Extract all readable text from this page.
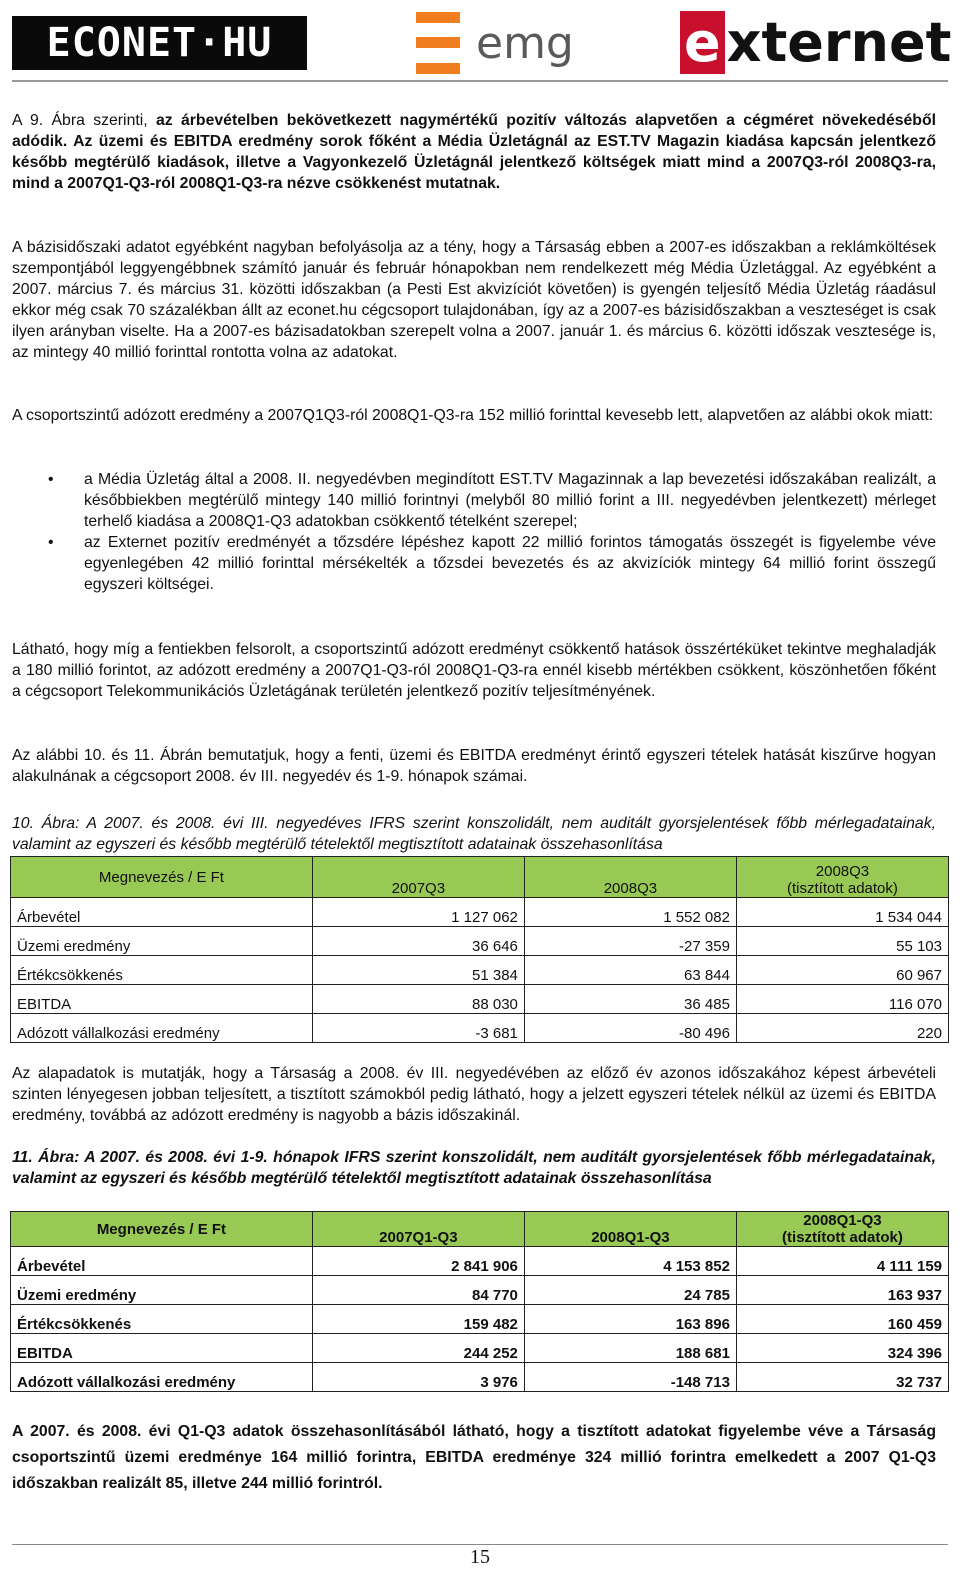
ECONET·HU	emg e xternet

A 9. Ábra szerinti, az árbevételben bekövetkezett nagymértékű pozitív változás alapvetően a cégméret növekedéséből adódik. Az üzemi és EBITDA eredmény sorok főként a Média Üzletágnál az EST.TV Magazin kiadása kapcsán jelentkező később megtérülő kiadások, illetve a Vagyonkezelő Üzletágnál jelentkező költségek miatt mind a 2007Q3-ról 2008Q3-ra, mind a 2007Q1-Q3-ról 2008Q1-Q3-ra nézve csökkenést mutatnak.

A bázisidőszaki adatot egyébként nagyban befolyásolja az a tény, hogy a Társaság ebben a 2007-es időszakban a reklámköltések szempontjából leggyengébbnek számító január és február hónapokban nem rendelkezett még Média Üzletággal. Az egyébként a 2007. március 7. és március 31. közötti időszakban (a Pesti Est akvizíciót követően) is gyengén teljesítő Média Üzletág ráadásul ekkor még csak 70 százalékban állt az econet.hu cégcsoport tulajdonában, így az a 2007-es bázisidőszakban a veszteséget is csak ilyen arányban viselte. Ha a 2007-es bázisadatokban szerepelt volna a 2007. január 1. és március 6. közötti időszak vesztesége is, az mintegy 40 millió forinttal rontotta volna az adatokat.

A csoportszintű adózott eredmény a 2007Q1Q3-ról 2008Q1-Q3-ra 152 millió forinttal kevesebb lett, alapvetően az alábbi okok miatt:

• a Média Üzletág által a 2008. II. negyedévben megindított EST.TV Magazinnak a lap bevezetési időszakában realizált, a későbbiekben megtérülő mintegy 140 millió forintnyi (melyből 80 millió forint a III. negyedévben jelentkezett) mérleget terhelő kiadása a 2008Q1-Q3 adatokban csökkentő tételként szerepel;

• az Externet pozitív eredményét a tőzsdére lépéshez kapott 22 millió forintos támogatás összegét is figyelembe véve egyenlegében 42 millió forinttal mérsékelték a tőzsdei bevezetés és az akvizíciók mintegy 64 millió forint összegű egyszeri költségei.

Látható, hogy míg a fentiekben felsorolt, a csoportszintű adózott eredményt csökkentő hatások összértéküket tekintve meghaladják a 180 millió forintot, az adózott eredmény a 2007Q1-Q3-ról 2008Q1-Q3-ra ennél kisebb mértékben csökkent, köszönhetően főként a cégcsoport Telekommunikációs Üzletágának területén jelentkező pozitív teljesítményének.

Az alábbi 10. és 11. Ábrán bemutatjuk, hogy a fenti, üzemi és EBITDA eredményt érintő egyszeri tételek hatását kiszűrve hogyan alakulnának a cégcsoport 2008. év III. negyedév és 1-9. hónapok számai.

10. Ábra: A 2007. és 2008. évi III. negyedéves IFRS szerint konszolidált, nem auditált gyorsjelentések főbb mérlegadatainak, valamint az egyszeri és később megtérülő tételektől megtisztított adatainak összehasonlítása

Megnevezés / E Ft	2007Q3	2008Q3	2008Q3
(tisztított adatok)

Árbevétel	1 127 062	1 552 082	1 534 044
Üzemi eredmény	36 646	-27 359	55 103
Értékcsökkenés	51 384	63 844	60 967
EBITDA	88 030	36 485	116 070
Adózott vállalkozási eredmény	-3 681	-80 496	220

Az alapadatok is mutatják, hogy a Társaság a 2008. év III. negyedévében az előző év azonos időszakához képest árbevételi szinten lényegesen jobban teljesített, a tisztított számokból pedig látható, hogy a jelzett egyszeri tételek nélkül az üzemi és EBITDA eredmény, továbbá az adózott eredmény is nagyobb a bázis időszakinál.

11. Ábra: A 2007. és 2008. évi 1-9. hónapok IFRS szerint konszolidált, nem auditált gyorsjelentések főbb mérlegadatainak, valamint az egyszeri és később megtérülő tételektől megtisztított adatainak összehasonlítása

Megnevezés / E Ft	2007Q1-Q3	2008Q1-Q3	2008Q1-Q3
(tisztított adatok)

Árbevétel	2 841 906	4 153 852	4 111 159
Üzemi eredmény	84 770	24 785	163 937
Értékcsökkenés	159 482	163 896	160 459
EBITDA	244 252	188 681	324 396
Adózott vállalkozási eredmény	3 976	-148 713	32 737

A 2007. és 2008. évi Q1-Q3 adatok összehasonlításából látható, hogy a tisztított adatokat figyelembe véve a Társaság csoportszintű üzemi eredménye 164 millió forintra, EBITDA eredménye 324 millió forintra emelkedett a 2007 Q1-Q3 időszakban realizált 85, illetve 244 millió forintról.

15
